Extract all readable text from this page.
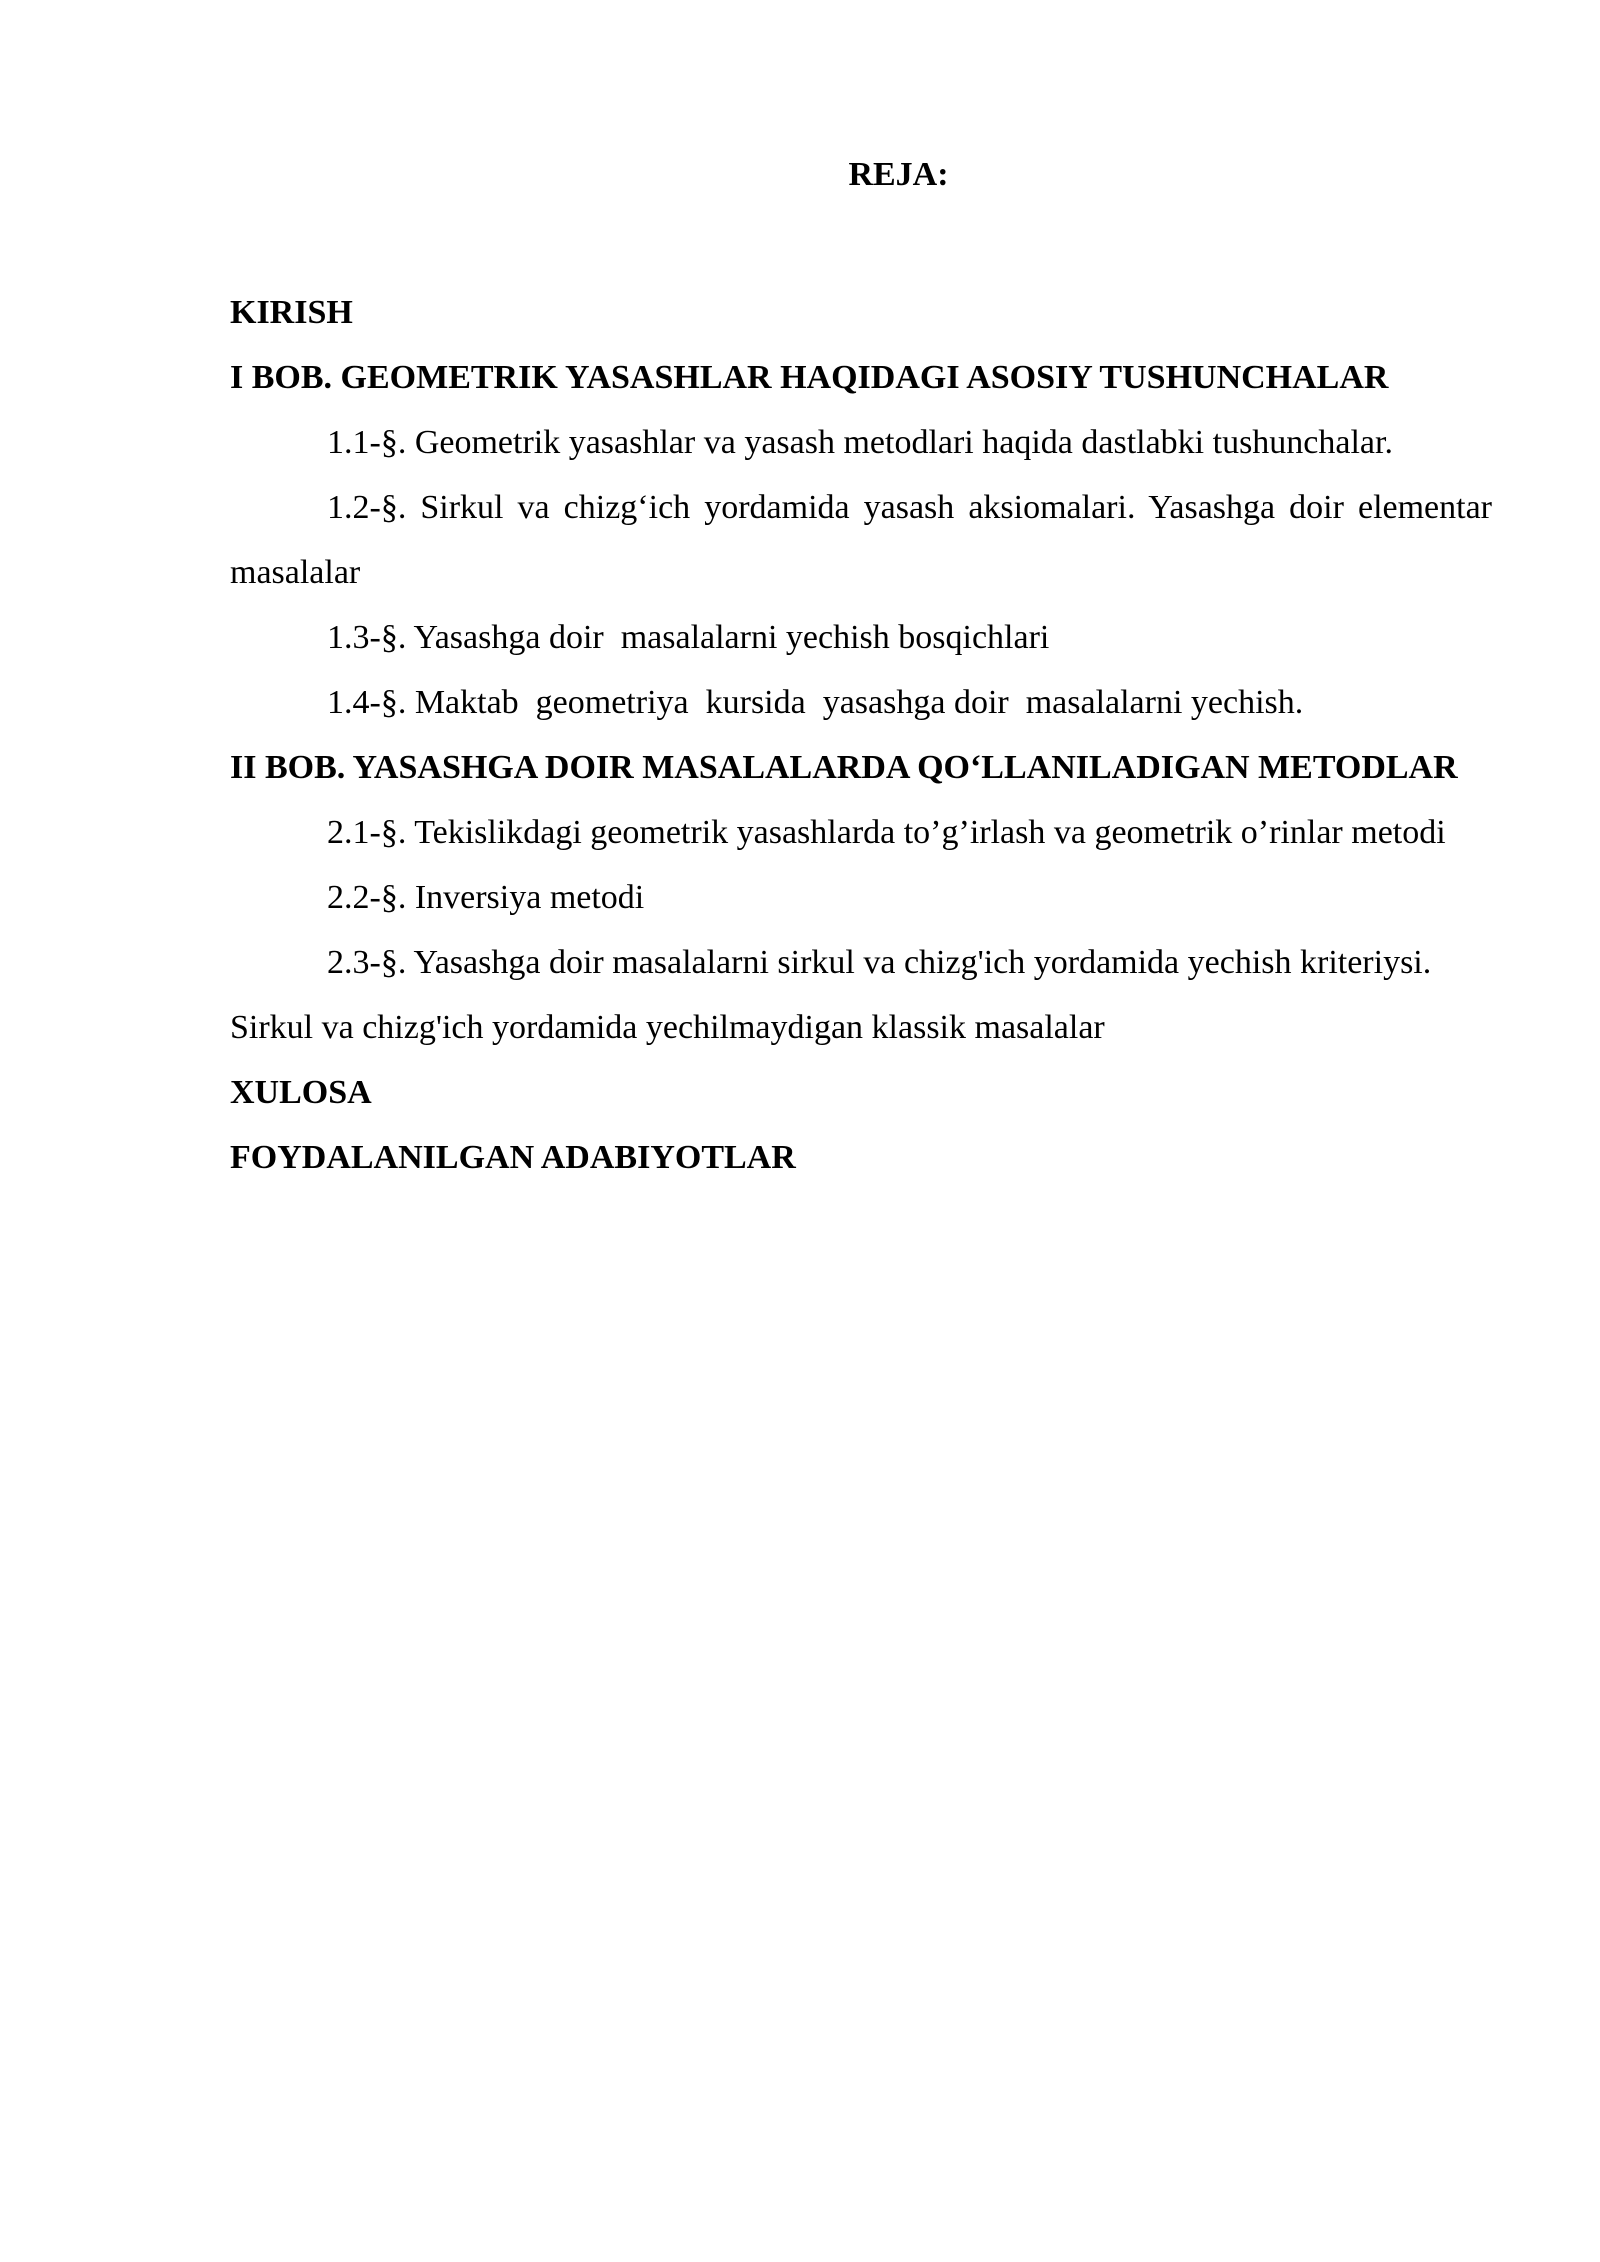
REJA:

KIRISH

I BOB. GEOMETRIK YASASHLAR HAQIDAGI ASOSIY TUSHUNCHALAR

1.1-§. Geometrik yasashlar va yasash metodlari haqida dastlabki tushunchalar.

1.2-§. Sirkul va chizg‘ich yordamida yasash aksiomalari. Yasashga doir elementar masalalar

1.3-§. Yasashga doir  masalalarni yechish bosqichlari

1.4-§. Maktab  geometriya  kursida  yasashga doir  masalalarni yechish.

II BOB. YASASHGA DOIR MASALALARDA QO‘LLANILADIGAN METODLAR

2.1-§. Tekislikdagi geometrik yasashlarda to’g’irlash va geometrik o’rinlar metodi

2.2-§. Inversiya metodi

2.3-§. Yasashga doir masalalarni sirkul va chizg'ich yordamida yechish kriteriysi. Sirkul va chizg'ich yordamida yechilmaydigan klassik masalalar

XULOSA

FOYDALANILGAN ADABIYOTLAR
